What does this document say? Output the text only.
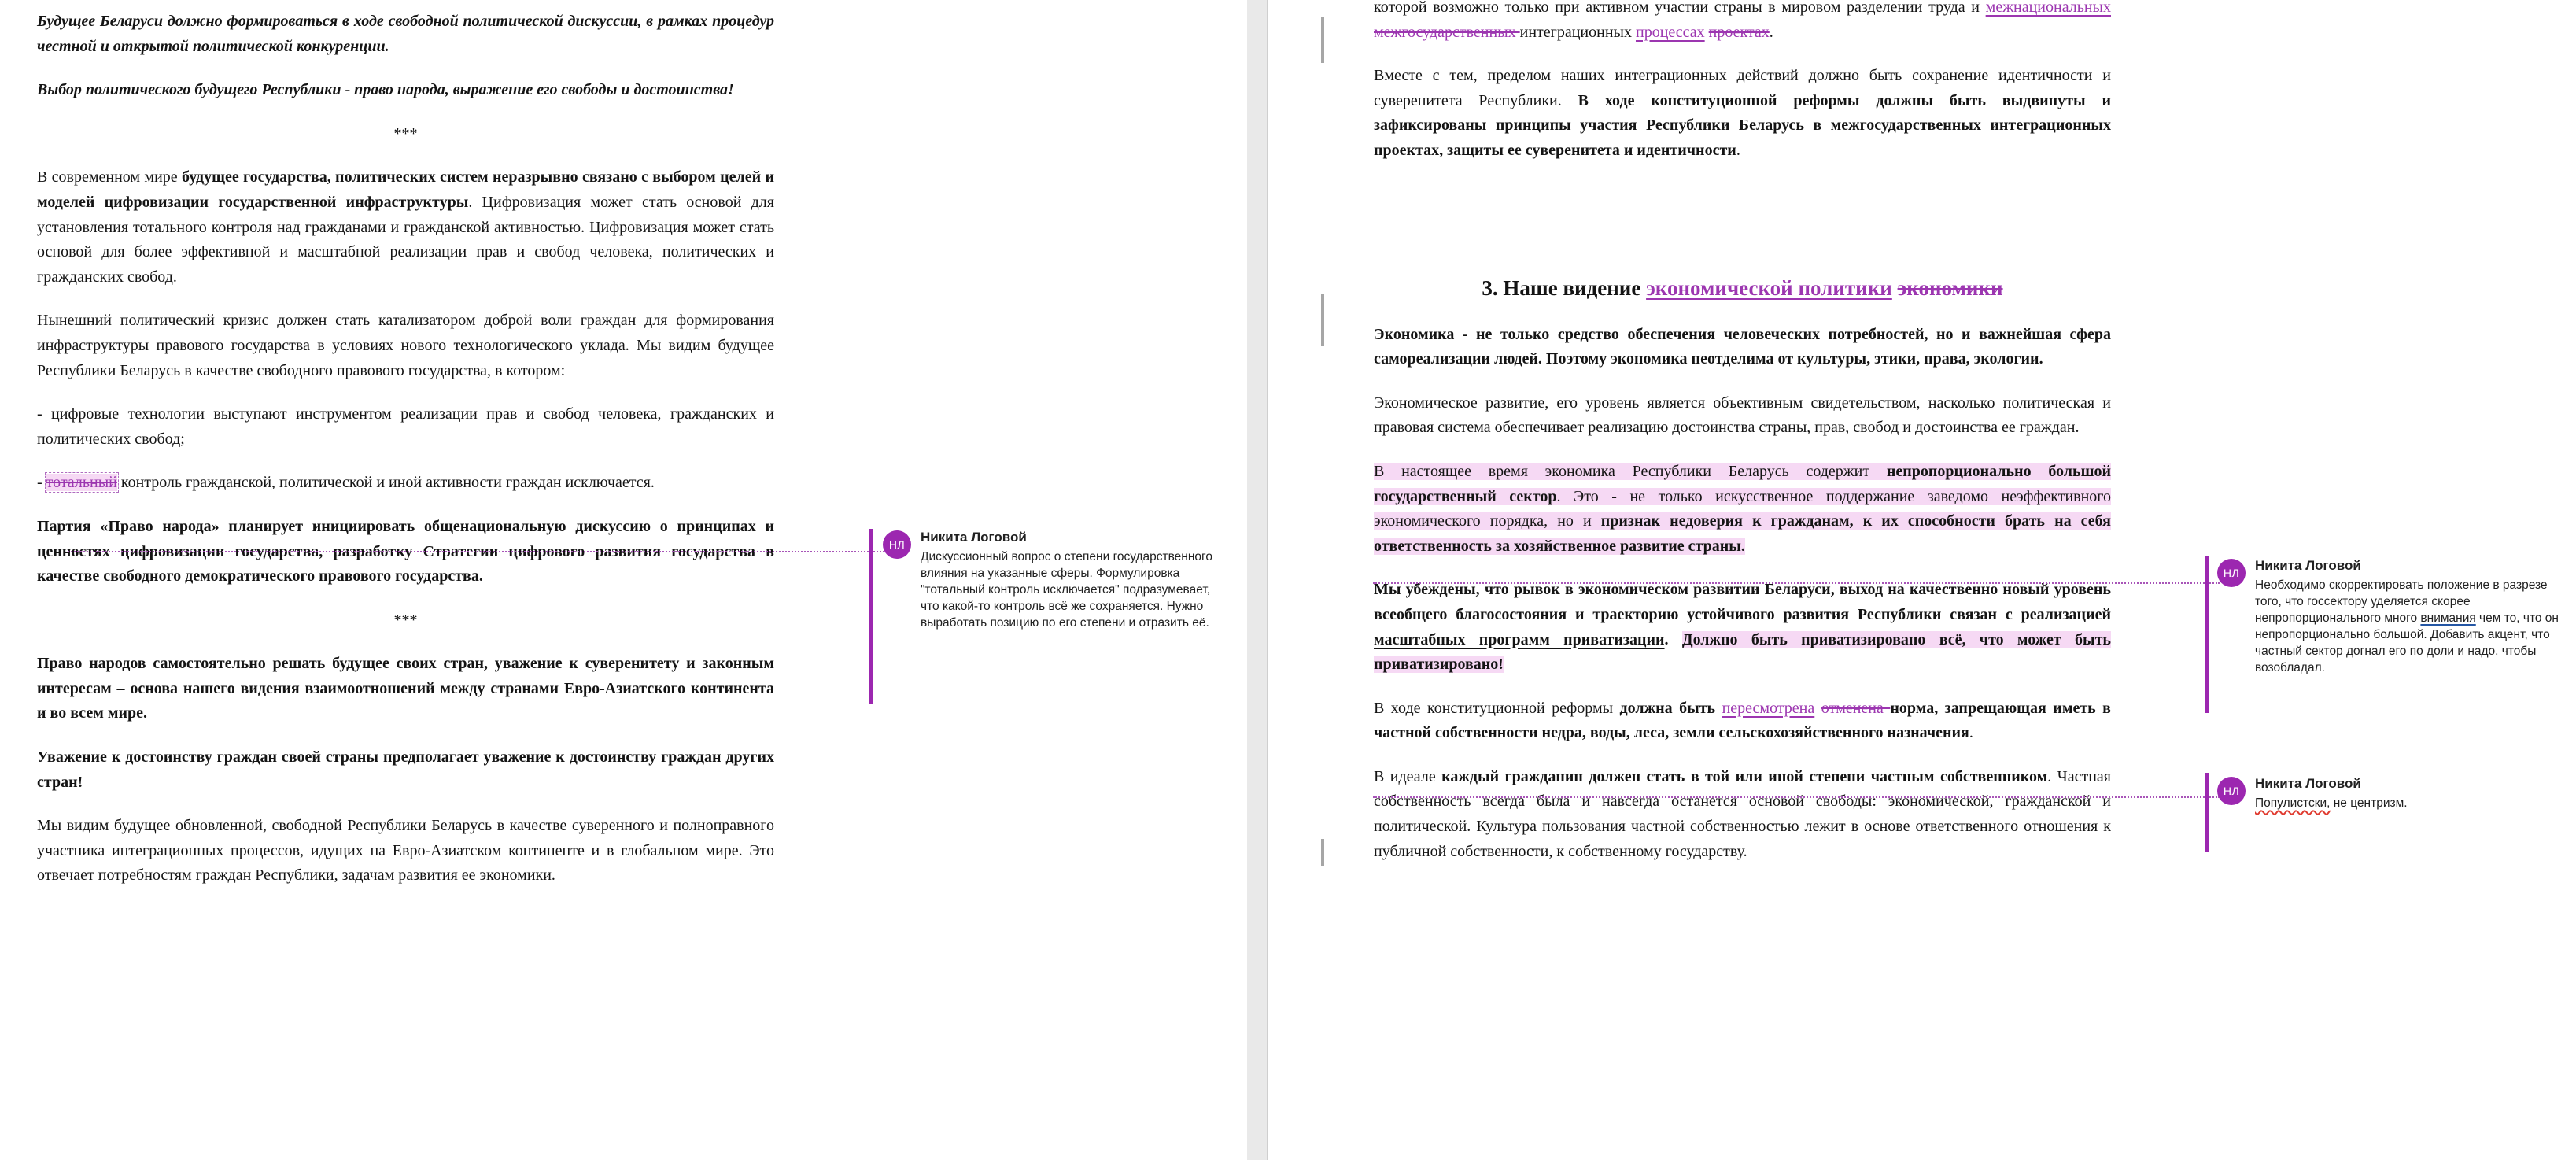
Будущее Беларуси должно формироваться в ходе свободной политической дискуссии, в рамках процедур честной и открытой политической конкуренции.
Выбор политического будущего Республики - право народа, выражение его свободы и достоинства!
***
В современном мире будущее государства, политических систем неразрывно связано с выбором целей и моделей цифровизации государственной инфраструктуры. Цифровизация может стать основой для установления тотального контроля над гражданами и гражданской активностью. Цифровизация может стать основой для более эффективной и масштабной реализации прав и свобод человека, политических и гражданских свобод.
Нынешний политический кризис должен стать катализатором доброй воли граждан для формирования инфраструктуры правового государства в условиях нового технологического уклада. Мы видим будущее Республики Беларусь в качестве свободного правового государства, в котором:
- цифровые технологии выступают инструментом реализации прав и свобод человека, гражданских и политических свобод;
- тотальный контроль гражданской, политической и иной активности граждан исключается.
Партия «Право народа» планирует инициировать общенациональную дискуссию о принципах и ценностях цифровизации государства, разработку Стратегии цифрового развития государства в качестве свободного демократического правового государства.
***
Право народов самостоятельно решать будущее своих стран, уважение к суверенитету и законным интересам – основа нашего видения взаимоотношений между странами Евро-Азиатского континента и во всем мире.
Уважение к достоинству граждан своей страны предполагает уважение к достоинству граждан других стран!
Мы видим будущее обновленной, свободной Республики Беларусь в качестве суверенного и полноправного участника интеграционных процессов, идущих на Евро-Азиатском континенте и в глобальном мире. Это отвечает потребностям граждан Республики, задачам развития ее экономики.
которой возможно только при активном участии страны в мировом разделении труда и межнациональных межгосударственных интеграционных процессах проектах.
Вместе с тем, пределом наших интеграционных действий должно быть сохранение идентичности и суверенитета Республики. В ходе конституционной реформы должны быть выдвинуты и зафиксированы принципы участия Республики Беларусь в межгосударственных интеграционных проектах, защиты ее суверенитета и идентичности.
3. Наше видение экономической политики экономики
Экономика - не только средство обеспечения человеческих потребностей, но и важнейшая сфера самореализации людей. Поэтому экономика неотделима от культуры, этики, права, экологии.
Экономическое развитие, его уровень является объективным свидетельством, насколько политическая и правовая система обеспечивает реализацию достоинства страны, прав, свобод и достоинства ее граждан.
В настоящее время экономика Республики Беларусь содержит непропорционально большой государственный сектор. Это - не только искусственное поддержание заведомо неэффективного экономического порядка, но и признак недоверия к гражданам, к их способности брать на себя ответственность за хозяйственное развитие страны.
Мы убеждены, что рывок в экономическом развитии Беларуси, выход на качественно новый уровень всеобщего благосостояния и траекторию устойчивого развития Республики связан с реализацией масштабных программ приватизации. Должно быть приватизировано всё, что может быть приватизировано!
В ходе конституционной реформы должна быть пересмотрена отменена норма, запрещающая иметь в частной собственности недра, воды, леса, земли сельскохозяйственного назначения.
В идеале каждый гражданин должен стать в той или иной степени частным собственником. Частная собственность всегда была и навсегда останется основой свободы: экономической, гражданской и политической. Культура пользования частной собственностью лежит в основе ответственного отношения к публичной собственности, к собственному государству.
НЛ	Никита Логовой
Дискуссионный вопрос о степени государственного влияния на указанные сферы. Формулировка "тотальный контроль исключается" подразумевает, что какой-то контроль всё же сохраняется. Нужно выработать позицию по его степени и отразить её.
НЛ	Никита Логовой
Необходимо скорректировать положение в разрезе того, что госсектору уделяется скорее непропорционального много внимания чем то, что он непропорционально большой. Добавить акцент, что частный сектор догнал его по доли и надо, чтобы возобладал.
НЛ	Никита Логовой
Популистски, не центризм.
